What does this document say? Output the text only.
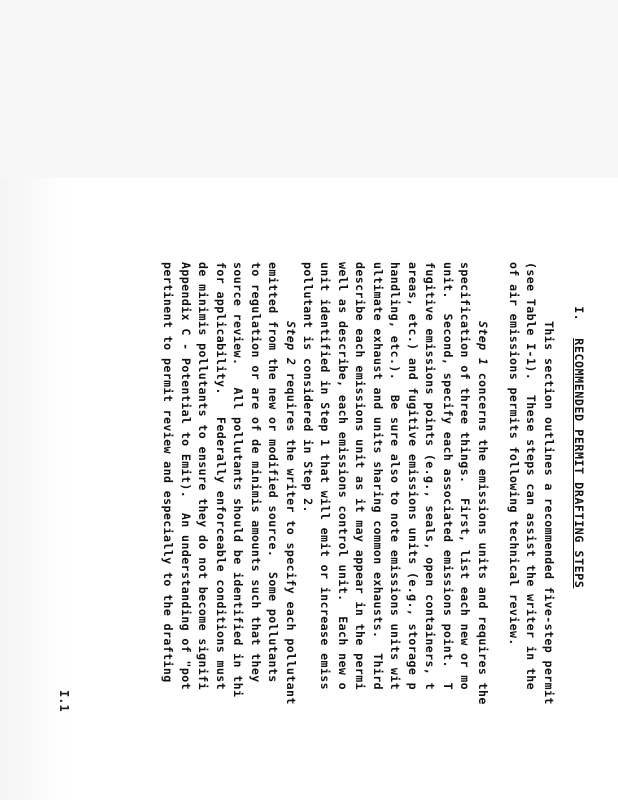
I.RECOMMENDED PERMIT DRAFTING STEPS

This section outlines a recommended five-step permit
(see Table I-1).  These steps can assist the writer in the
of air emissions permits following technical review.
Step 1 concerns the emissions units and requires the
specification of three things.  First, list each new or mo
unit.  Second, specify each associated emissions point.  T
fugitive emissions points (e.g., seals, open containers, t
areas, etc.) and fugitive emissions units (e.g., storage p
handling, etc.).  Be sure also to note emissions units wit
ultimate exhaust and units sharing common exhausts.  Third
describe each emissions unit as it may appear in the permi
well as describe, each emissions control unit.  Each new o
unit identified in Step 1 that will emit or increase emiss
pollutant is considered in Step 2.
Step 2 requires the writer to specify each pollutant
emitted from the new or modified source.  Some pollutants
to regulation or are of de minimis amounts such that they
source review.   All pollutants should be identified in thi
for applicability.   Federally enforceable conditions must
de minimis pollutants to ensure they do not become signifi
Appendix C - Potential to Emit).  An understanding of "pot
pertinent to permit review and especially to the drafting
I.1
